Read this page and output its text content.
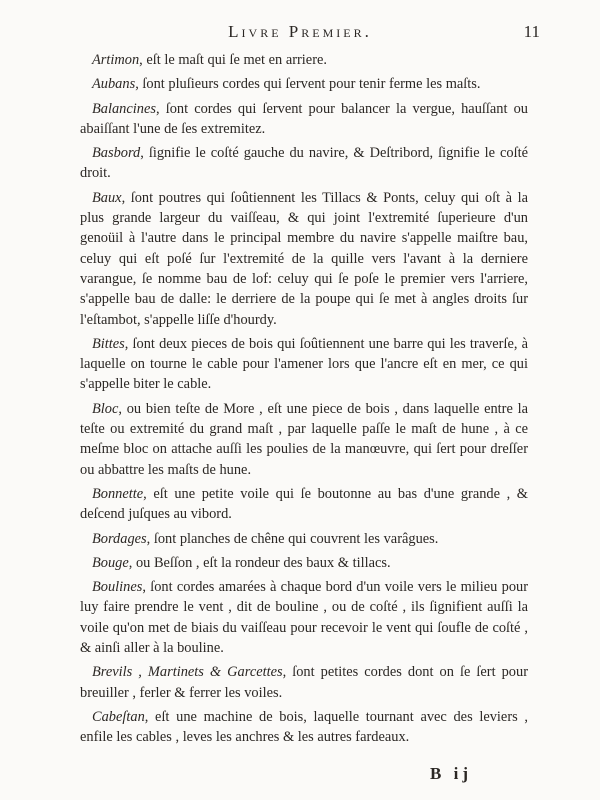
Livre Premier.	11

Artimon, eſt le maſt qui ſe met en arriere.

Aubans, ſont pluſieurs cordes qui ſervent pour tenir ferme les maſts.

Balancines, ſont cordes qui ſervent pour balancer la vergue, hauſſant ou abaiſſant l'une de ſes extremitez.

Basbord, ſignifie le coſté gauche du navire, & Deſtribord, ſignifie le coſté droit.

Baux, ſont poutres qui ſoûtiennent les Tillacs & Ponts, celuy qui oſt à la plus grande largeur du vaiſſeau, & qui joint l'extremité ſuperieure d'un genoüil à l'autre dans le principal membre du navire s'appelle maiſtre bau, celuy qui eſt poſé ſur l'extremité de la quille vers l'avant à la derniere varangue, ſe nomme bau de lof: celuy qui ſe poſe le premier vers l'arriere, s'appelle bau de dalle: le derriere de la poupe qui ſe met à angles droits ſur l'eſtambot, s'appelle liſſe d'hourdy.

Bittes, ſont deux pieces de bois qui ſoûtiennent une barre qui les traverſe, à laquelle on tourne le cable pour l'amener lors que l'ancre eſt en mer, ce qui s'appelle biter le cable.

Bloc, ou bien teſte de More , eſt une piece de bois , dans laquelle entre la teſte ou extremité du grand maſt , par laquelle paſſe le maſt de hune , à ce meſme bloc on attache auſſi les poulies de la manœuvre, qui ſert pour dreſſer ou abbattre les maſts de hune.

Bonnette, eſt une petite voile qui ſe boutonne au bas d'une grande , & deſcend juſques au vibord.

Bordages, ſont planches de chêne qui couvrent les varâgues.

Bouge, ou Beſſon , eſt la rondeur des baux & tillacs.

Boulines, ſont cordes amarées à chaque bord d'un voile vers le milieu pour luy faire prendre le vent , dit de bouline , ou de coſté , ils ſignifient auſſi la voile qu'on met de biais du vaiſſeau pour recevoir le vent qui ſoufle de coſté , & ainſi aller à la bouline.

Brevils , Martinets & Garcettes, ſont petites cordes dont on ſe ſert pour breuiller , ferler & ferrer les voiles.

Cabeſtan, eſt une machine de bois, laquelle tournant avec des leviers , enfile les cables , leves les anchres & les autres fardeaux.

B ij
